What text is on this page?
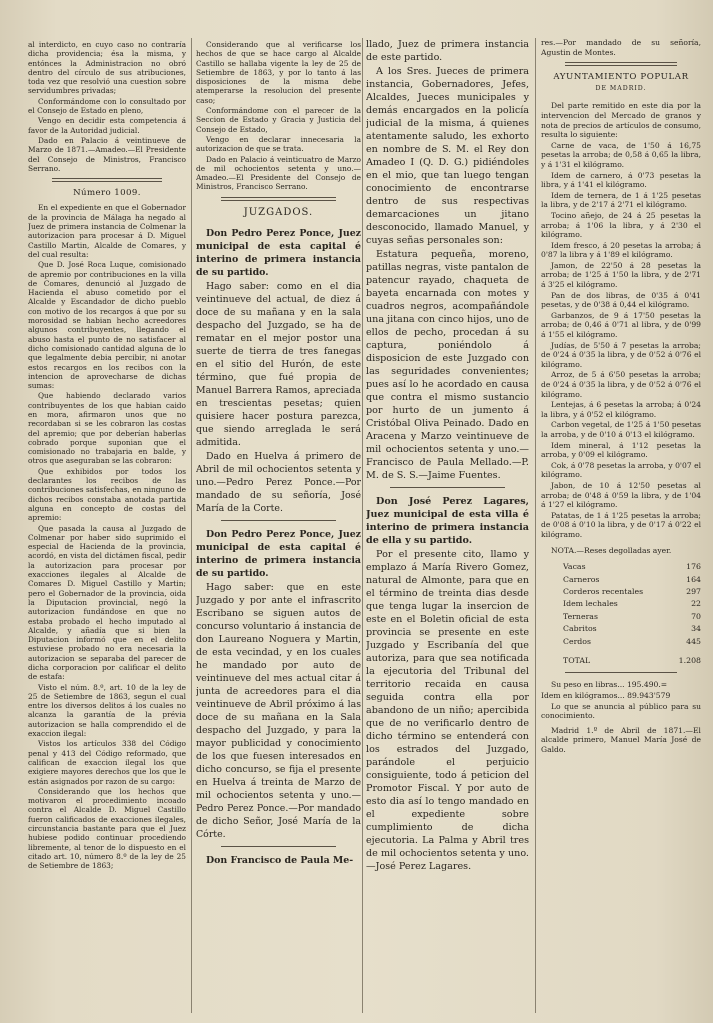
al interdicto, en cuyo caso no contraría dicha providencia; ésa la misma, y entónces la Administracion no obró dentro del círculo de sus atribuciones, toda vez que resolvió una cuestion sobre servidumbres privadas;

Conformándome con lo consultado por el Consejo de Estado en pleno,

Vengo en decidir esta competencia á favor de la Autoridad judicial.

Dado en Palacio á veintinueve de Marzo de 1871.—Amadeo.—El Presidente del Consejo de Ministros, Francisco Serrano.

Número 1009.

En el expediente en que el Gobernador de la provincia de Málaga ha negado al Juez de primera instancia de Colmenar la autorizacion para procesar á D. Miguel Castillo Martin, Alcalde de Comares, y del cual resulta:

Que D. José Roca Luque, comisionado de apremio por contribuciones en la villa de Comares, denunció al Juzgado de Hacienda el abuso cometido por el Alcalde y Escandador de dicho pueblo con motivo de los recargos á que por su morosidad se habian hecho acreedores algunos contribuyentes, llegando el abuso hasta el punto de no satisfacer al dicho comisionado cantidad alguna de lo que legalmente debia percibir, ni anotar estos recargos en los recibos con la intencion de aprovecharse de dichas sumas:

Que habiendo declarado varios contribuyentes de los que habian caido en mora, afirmaron unos que no recordaban si se les cobraron las costas del apremio; que por deberían haberlas cobrado porque suponian que el comisionado no trabajaria en balde, y otros que aseguraban se las cobraron:

Que exhibidos por todos los declarantes los recibos de las contribuciones satisfechas, en ninguno de dichos recibos constaba anotada partida alguna en concepto de costas del apremio:

Que pasada la causa al Juzgado de Colmenar por haber sido suprimido el especial de Hacienda de la provincia, acordó, en vista del dictámen fiscal, pedir la autorizacion para procesar por exacciones ilegales al Alcalde de Comares D. Miguel Castillo y Martin; pero el Gobernador de la provincia, oida la Diputacion provincial, negó la autorizacion fundándose en que no estaba probado el hecho imputado al Alcalde, y añadía que si bien la Diputacion informó que en el delito estuviese probado no era necesaria la autorizacion se separaba del parecer de dicha corporacion por calificar el delito de estafa:

Visto el núm. 8.º, art. 10 de la ley de 25 de Setiembre de 1863, segun el cual entre los diversos delitos á los cuales no alcanza la garantía de la prévia autorizacion se halla comprendido el de exaccion ilegal:

Vistos los artículos 338 del Código penal y 413 del Código reformado, que califican de exaccion ilegal los que exigiere mayores derechos que los que le están asignados por razon de su cargo:

Considerando que los hechos que motivaron el procedimiento incoado contra el Alcalde D. Miguel Castillo fueron calificados de exacciones ilegales, circunstancia bastante para que el Juez hubiese podido continuar procediendo libremente, al tenor de lo dispuesto en el citado art. 10, número 8.º de la ley de 25 de Setiembre de 1863;

Considerando que al verificarse los hechos de que se hace cargo al Alcalde Castillo se hallaba vigente la ley de 25 de Setiembre de 1863, y por lo tanto á las disposiciones de la misma debe atemperarse la resolucion del presente caso;

Conformándome con el parecer de la Seccion de Estado y Gracia y Justicia del Consejo de Estado,

Vengo en declarar innecesaria la autorizacion de que se trata.

Dado en Palacio á veinticuatro de Marzo de mil ochocientos setenta y uno.—Amadeo.—El Presidente del Consejo de Ministros, Francisco Serrano.

JUZGADOS.

Don Pedro Perez Ponce, Juez municipal de esta capital é interino de primera instancia de su partido.

Hago saber: como en el dia veintinueve del actual, de diez á doce de su mañana y en la sala despacho del Juzgado, se ha de rematar en el mejor postor una suerte de tierra de tres fanegas en el sitio del Hurón, de este término, que fué propia de Manuel Barrera Ramos, apreciada en trescientas pesetas; quien quisiere hacer postura parezca, que siendo arreglada le será admitida.

Dado en Huelva á primero de Abril de mil ochocientos setenta y uno.—Pedro Perez Ponce.—Por mandado de su señoría, José María de la Corte.

Don Pedro Perez Ponce, Juez municipal de esta capital é interino de primera instancia de su partido.

Hago saber: que en este Juzgado y por ante el infrascrito Escribano se siguen autos de concurso voluntario á instancia de don Laureano Noguera y Martin, de esta vecindad, y en los cuales he mandado por auto de veintinueve del mes actual citar á junta de acreedores para el dia veintinueve de Abril próximo á las doce de su mañana en la Sala despacho del Juzgado, y para la mayor publicidad y conocimiento de los que fuesen interesados en dicho concurso, se fija el presente en Huelva á treinta de Marzo de mil ochocientos setenta y uno.—Pedro Perez Ponce.—Por mandado de dicho Señor, José María de la Córte.

Don Francisco de Paula Me-

llado, Juez de primera instancia de este partido.

A los Sres. Jueces de primera instancia, Gobernadores, Jefes, Alcaldes, Jueces municipales y demás encargados en la policía judicial de la misma, á quienes atentamente saludo, les exhorto en nombre de S. M. el Rey don Amadeo I (Q. D. G.) pidiéndoles en el mio, que tan luego tengan conocimiento de encontrarse dentro de sus respectivas demarcaciones un jitano desconocido, llamado Manuel, y cuyas señas personales son:

Estatura pequeña, moreno, patillas negras, viste pantalon de patencur rayado, chaqueta de bayeta encarnada con motes y cuadros negros, acompañándole una jitana con cinco hijos, uno de ellos de pecho, procedan á su captura, poniéndolo á disposicion de este Juzgado con las seguridades convenientes; pues así lo he acordado en causa que contra el mismo sustancio por hurto de un jumento á Cristóbal Oliva Peinado. Dado en Aracena y Marzo veintinueve de mil ochocientos setenta y uno.—Francisco de Paula Mellado.—P. M. de S. S.—Jaime Fuentes.

Don José Perez Lagares, Juez municipal de esta villa é interino de primera instancia de ella y su partido.

Por el presente cito, llamo y emplazo á María Rivero Gomez, natural de Almonte, para que en el término de treinta dias desde que tenga lugar la insercion de este en el Boletin oficial de esta provincia se presente en este Juzgado y Escribanía del que autoriza, para que sea notificada la ejecutoria del Tribunal del territorio recaida en causa seguida contra ella por abandono de un niño; apercibida que de no verificarlo dentro de dicho término se entenderá con los estrados del Juzgado, parándole el perjuicio consiguiente, todo á peticion del Promotor Fiscal. Y por auto de esto dia así lo tengo mandado en el expediente sobre cumplimiento de dicha ejecutoria. La Palma y Abril tres de mil ochocientos setenta y uno.—José Perez Lagares.

res.—Por mandado de su señoría, Agustin de Montes.

AYUNTAMIENTO POPULAR
DE MADRID.

Del parte remitido en este dia por la intervencion del Mercado de granos y nota de precios de artículos de consumo, resulta lo siguiente:

Carne de vaca, de 1'50 á 16,75 pesetas la arroba; de 0,58 á 0,65 la libra, y á 1'31 el kilógramo.

Idem de carnero, á 0'73 pesetas la libra, y á 1'41 el kilógramo.

Idem de ternera, de 1 á 1'25 pesetas la libra, y de 2'17 á 2'71 el kilógramo.

Tocino añejo, de 24 á 25 pesetas la arroba; á 1'06 la libra, y á 2'30 el kilógramo.

Idem fresco, á 20 pesetas la arroba; á 0'87 la libra y á 1'89 el kilógramo.

Jamon, de 22'50 á 28 pesetas la arroba; de 1'25 á 1'50 la libra, y de 2'71 á 3'25 el kilógramo.

Pan de dos libras, de 0'35 á 0'41 pesetas, y de 0'38 á 0,44 el kilógramo.

Garbanzos, de 9 á 17'50 pesetas la arroba; de 0,46 á 0'71 al libra, y de 0'99 á 1'55 el kilógramo.

Judías, de 5'50 á 7 pesetas la arroba; de 0'24 á 0'35 la libra, y de 0'52 á 0'76 el kilógramo.

Arroz, de 5 á 6'50 pesetas la arroba; de 0'24 á 0'35 la libra, y de 0'52 á 0'76 el kilógramo.

Lentejas, á 6 pesetas la arroba; á 0'24 la libra, y á 0'52 el kilógramo.

Carbon vegetal, de 1'25 á 1'50 pesetas la arroba, y de 0'10 á 0'13 el kilógramo.

Idem mineral, á 1'12 pesetas la arroba, y 0'09 el kilógramo.

Cok, á 0'78 pesetas la arroba, y 0'07 el kilógramo.

Jabon, de 10 á 12'50 pesetas al arroba; de 0'48 á 0'59 la libra, y de 1'04 á 1'27 el kilógramo.

Patatas, de 1 á 1'25 pesetas la arroba; de 0'08 á 0'10 la libra, y de 0'17 á 0'22 el kilógramo.

NOTA.—Reses degolladas ayer.

Vacas	176
Carneros	164
Corderos recentales	297
Idem lechales	22
Terneras	70
Cabritos	34
Cerdos	445
TOTAL	1.208

Su peso en libras... 195.490.=

Idem en kilógramos... 89.943'579

Lo que se anuncia al público para su conocimiento.

Madrid 1.º de Abril de 1871.—El alcalde primero, Manuel María José de Galdo.
